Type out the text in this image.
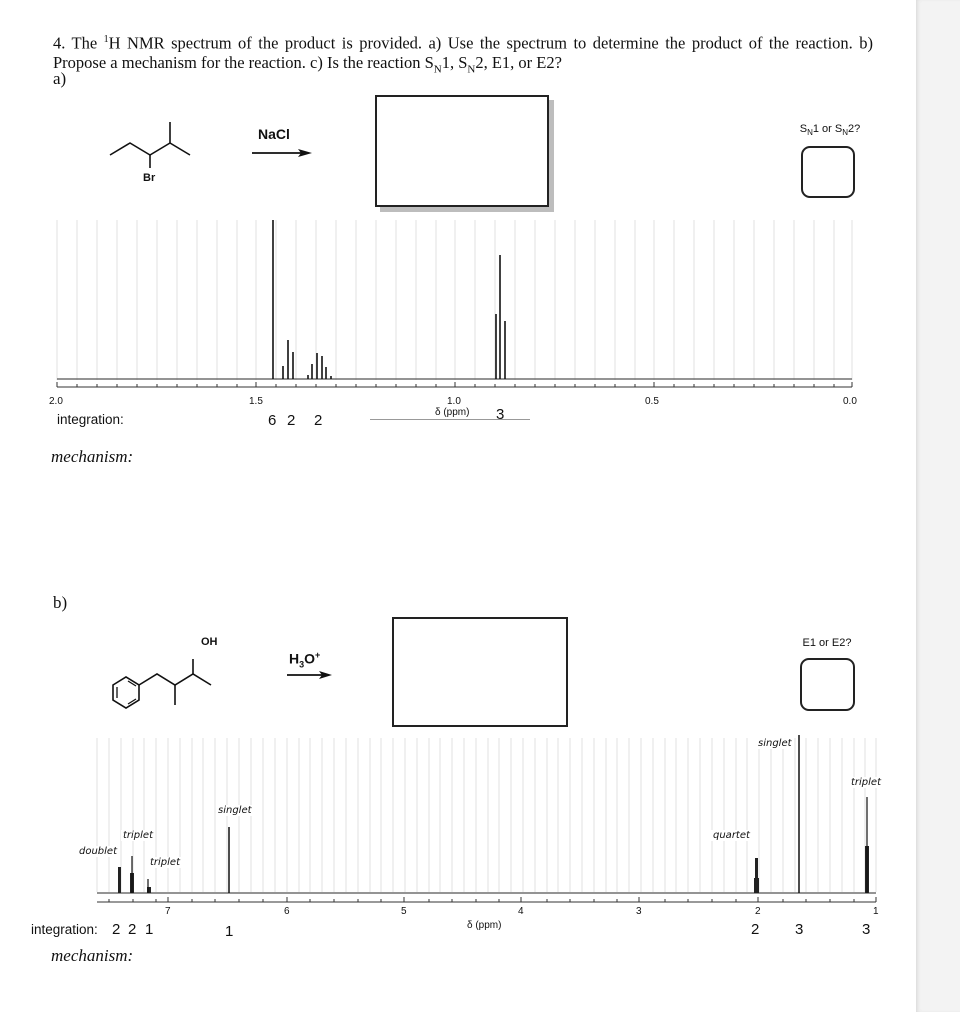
4. The $^1$H NMR spectrum of the product is provided. a) Use the spectrum to determine the product of the reaction. b) Propose a mechanism for the reaction. c) Is the reaction $S_N1$, $S_N2$, E1, or E2?
a)
Br
NaCl	$S_N1$ or $S_N2$?
2.0	1.5	1.0	0.5	0.0
δ (ppm)
integration:	6 2 2	3
mechanism:
b)
OH
$H_3O^+$
E1 or E2?
doublet
triplet
triplet
singlet
quartet
singlet
triplet
7	6	5	4	3	2	1
δ (ppm)
integration: 2 2 1	1	2 3	3
mechanism:
